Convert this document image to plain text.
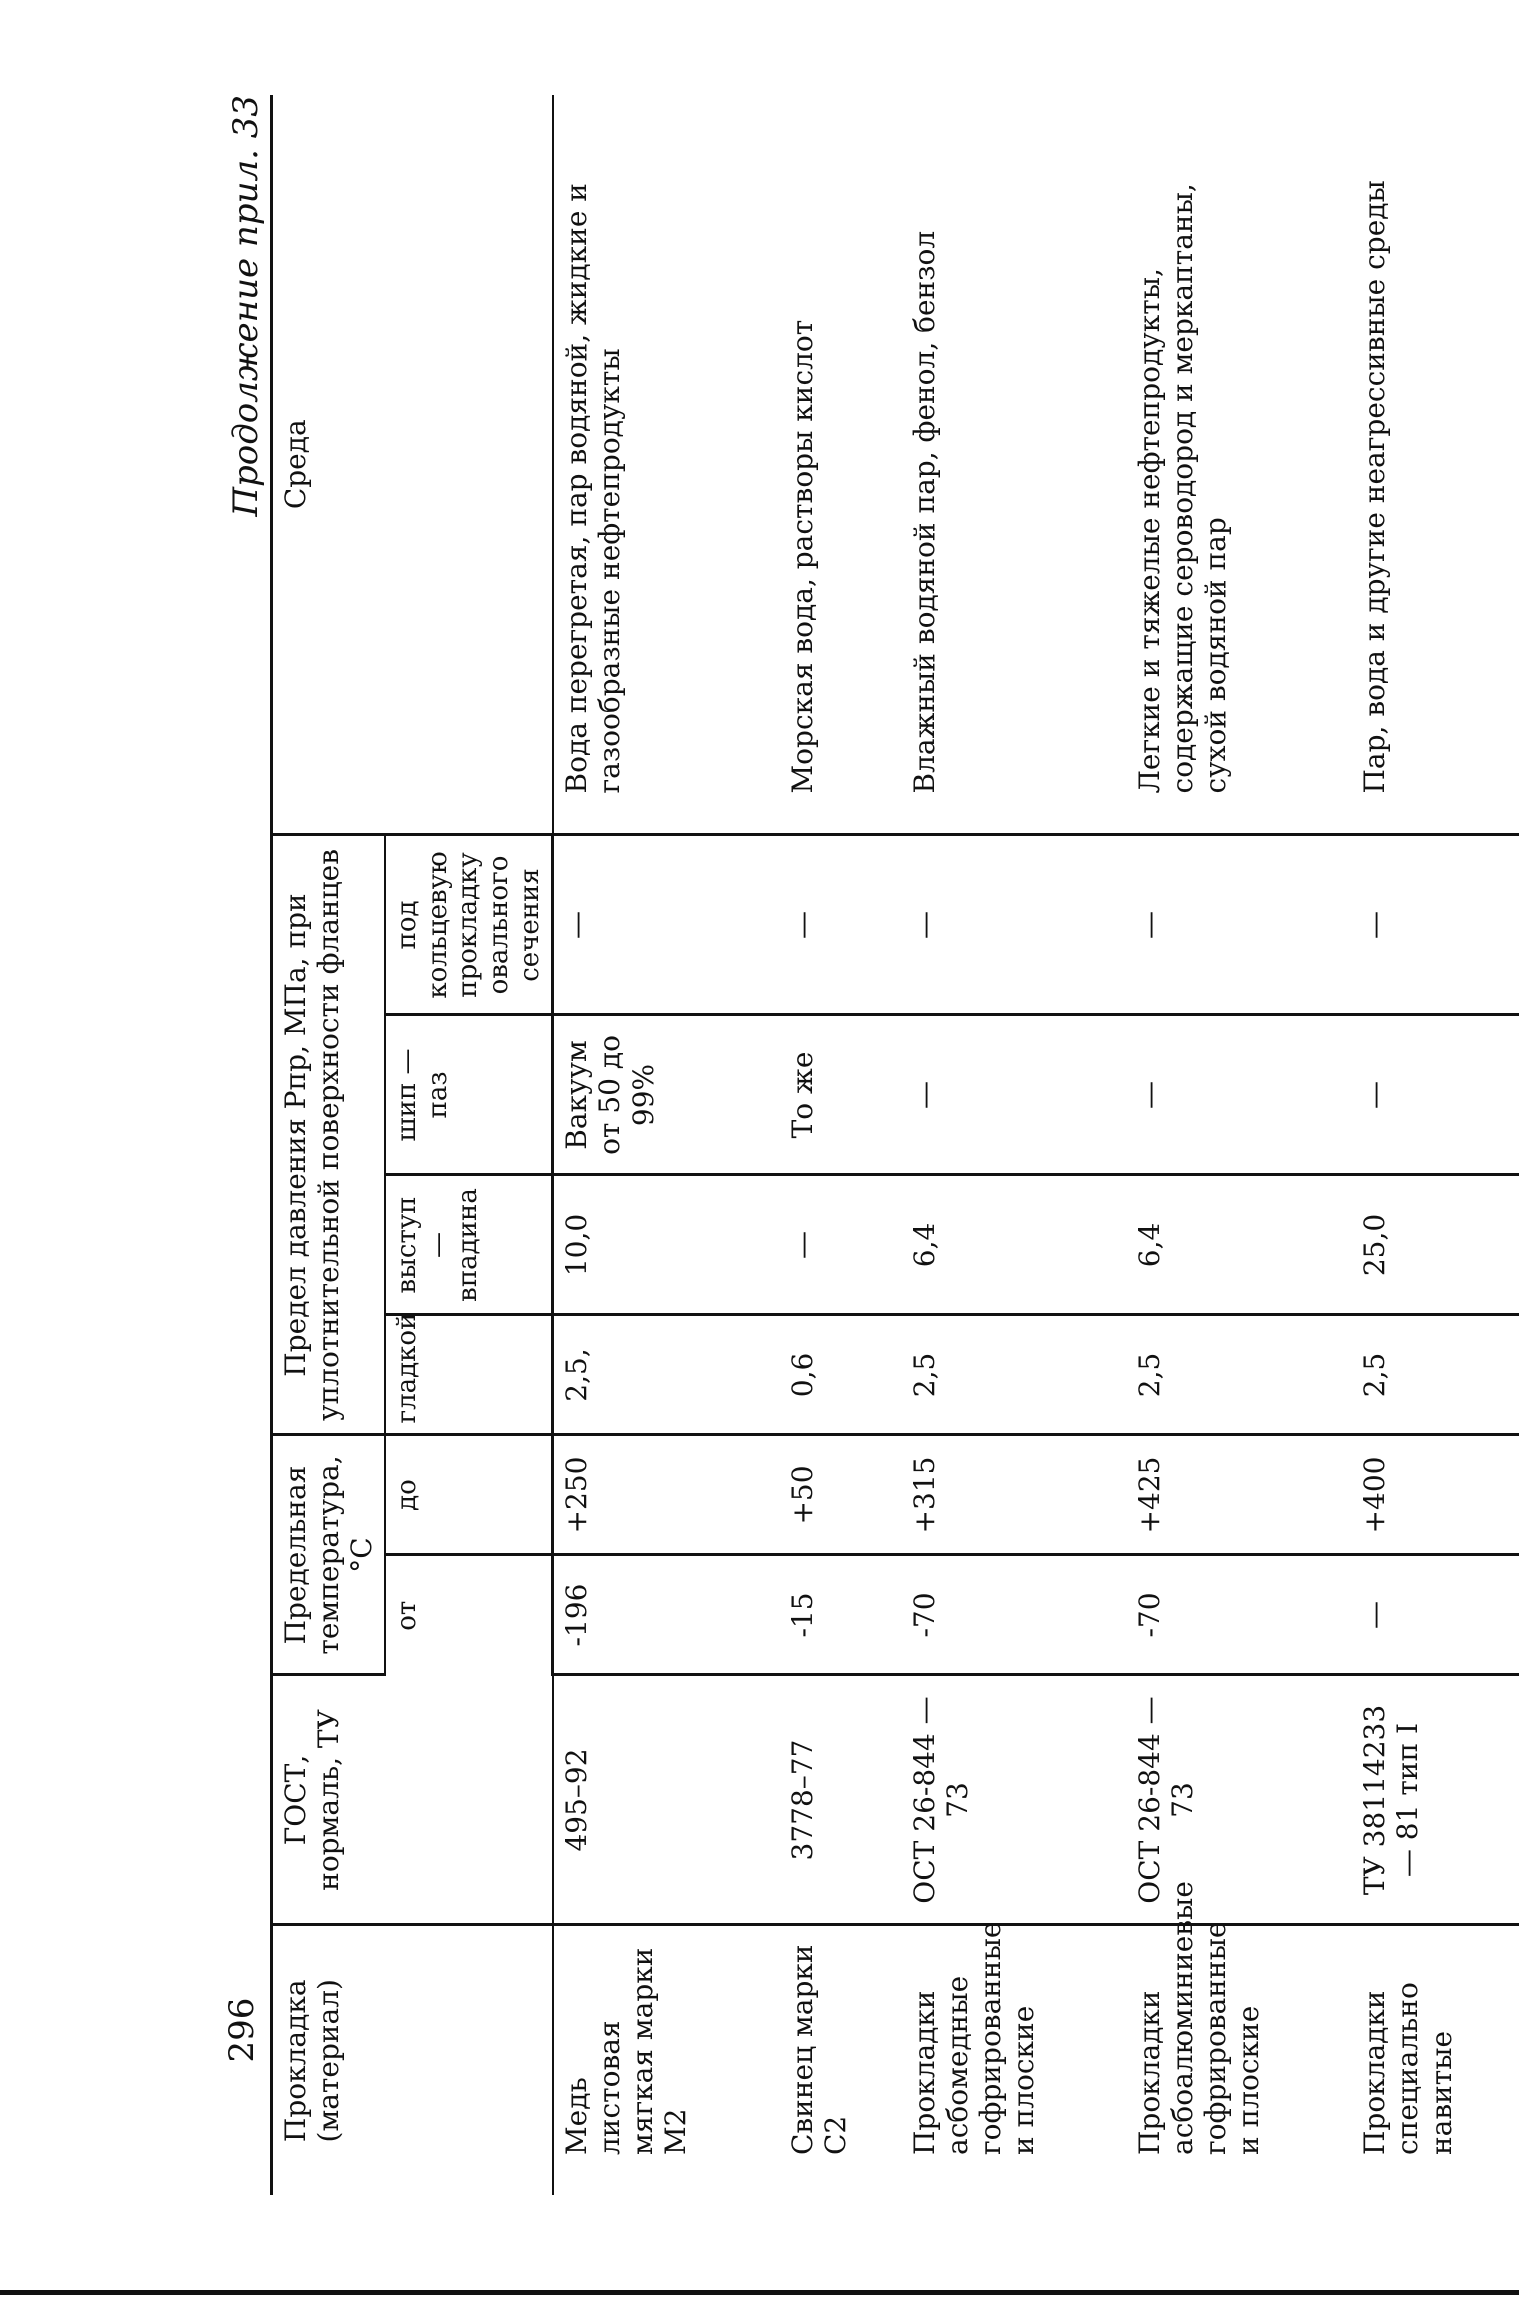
296
Продолжение прил. 33
Прокладка (материал)	ГОСТ, нормаль, ТУ	Предельная температура, °С		Предел давления Рпр, МПа, при уплотнительной поверхности фланцев				Среда
		от	до	гладкой	выступ — впадина	шип — паз	под кольцевую прокладку овального сечения	

Медь листовая мягкая марки М2	495–92	-196	+250	2,5,	10,0	Вакуум от 50 до 99%	—	Вода перегретая, пар водяной, жидкие и газообразные нефтепродукты

Свинец марки С2	3778–77	-15	+50	0,6	—	То же	—	Морская вода, растворы кислот

Прокладки асбомедные гофрированные и плоские	ОСТ 26-844 — 73	-70	+315	2,5	6,4	—	—	Влажный водяной пар, фенол, бензол

Прокладки асбоалюминиевые гофрированные и плоские	ОСТ 26-844 — 73	-70	+425	2,5	6,4	—	—	Легкие и тяжелые нефтепродукты, содержащие сероводород и меркаптаны, сухой водяной пар

Прокладки специально навитые	ТУ 38114233 — 81 тип I	—	+400	2,5	25,0	—	—	Пар, вода и другие неагрессивные среды
